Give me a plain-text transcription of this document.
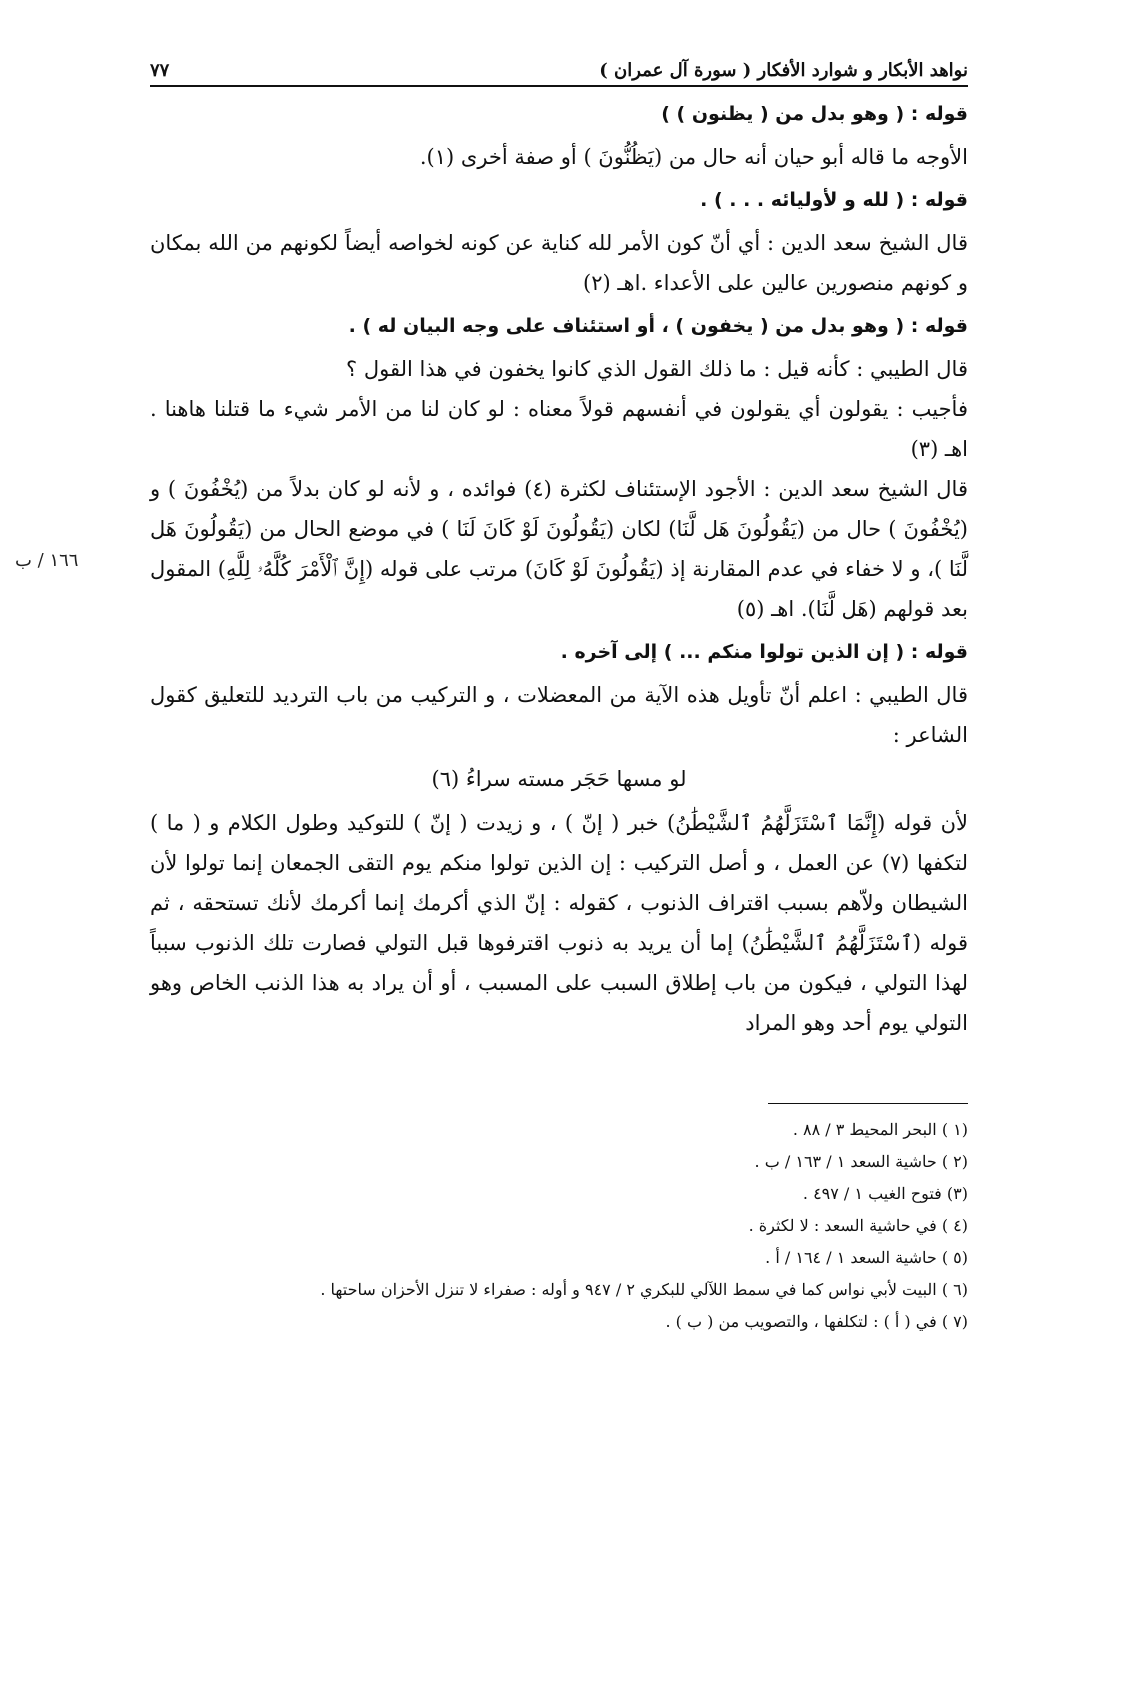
١٦٦ / ب
نواهد الأبكار و شوارد الأفكار ( سورة آل عمران )
٧٧
قوله : ( وهو بدل من ( يظنون ) )

الأوجه ما قاله أبو حيان أنه حال من (يَظُنُّونَ ) أو صفة أخرى (١).

قوله : ( لله و لأوليائه . . . ) .

قال الشيخ سعد الدين : أي أنّ كون الأمر لله كناية عن كونه لخواصه أيضاً لكونهم من الله بمكان و كونهم منصورين عالين على الأعداء .اهـ (٢)

قوله : ( وهو بدل من ( يخفون ) ، أو استئناف على وجه البيان له ) .

قال الطيبي : كأنه قيل : ما ذلك القول الذي كانوا يخفون في هذا القول ؟

فأجيب : يقولون أي يقولون في أنفسهم قولاً معناه : لو كان لنا من الأمر شيء ما قتلنا هاهنا . اهـ (٣)

قال الشيخ سعد الدين : الأجود الإستئناف لكثرة (٤) فوائده ، و لأنه لو كان بدلاً من (يُخْفُونَ ) و (يُخْفُونَ ) حال من (يَقُولُونَ هَل لَّنَا) لكان (يَقُولُونَ لَوْ كَانَ لَنَا ) في موضع الحال من (يَقُولُونَ هَل لَّنَا )، و لا خفاء في عدم المقارنة إذ (يَقُولُونَ لَوْ كَانَ) مرتب على قوله (إِنَّ ٱلْأَمْرَ كُلَّهُۥ لِلَّهِ) المقول بعد قولهم (هَل لَّنَا). اهـ (٥)

قوله : ( إن الذين تولوا منكم ... ) إلى آخره .

قال الطيبي : اعلم أنّ تأويل هذه الآية من المعضلات ، و التركيب من باب الترديد للتعليق كقول الشاعر :

لو مسها حَجَر مسته سراءُ (٦)

لأن قوله (إِنَّمَا ٱسْتَزَلَّهُمُ ٱلشَّيْطَٰنُ) خبر ( إنّ ) ، و زيدت ( إنّ ) للتوكيد وطول الكلام و ( ما ) لتكفها (٧) عن العمل ، و أصل التركيب : إن الذين تولوا منكم يوم التقى الجمعان إنما تولوا لأن الشيطان ولاّهم بسبب اقتراف الذنوب ، كقوله : إنّ الذي أكرمك إنما أكرمك لأنك تستحقه ، ثم قوله (ٱسْتَزَلَّهُمُ ٱلشَّيْطَٰنُ) إما أن يريد به ذنوب اقترفوها قبل التولي فصارت تلك الذنوب سبباً لهذا التولي ، فيكون من باب إطلاق السبب على المسبب ، أو أن يراد به هذا الذنب الخاص وهو التولي يوم أحد وهو المراد

(١ ) البحر المحيط ٣ / ٨٨ .

(٢ ) حاشية السعد ١ / ١٦٣ / ب .

(٣) فتوح الغيب ١ / ٤٩٧ .

(٤ ) في حاشية السعد : لا لكثرة .

(٥ ) حاشية السعد ١ / ١٦٤ / أ .

(٦ ) البيت لأبي نواس كما في سمط اللآلي للبكري ٢ / ٩٤٧ و أوله : صفراء لا تنزل الأحزان ساحتها .

(٧ ) في ( أ ) : لتكلفها ، والتصويب من ( ب ) .
